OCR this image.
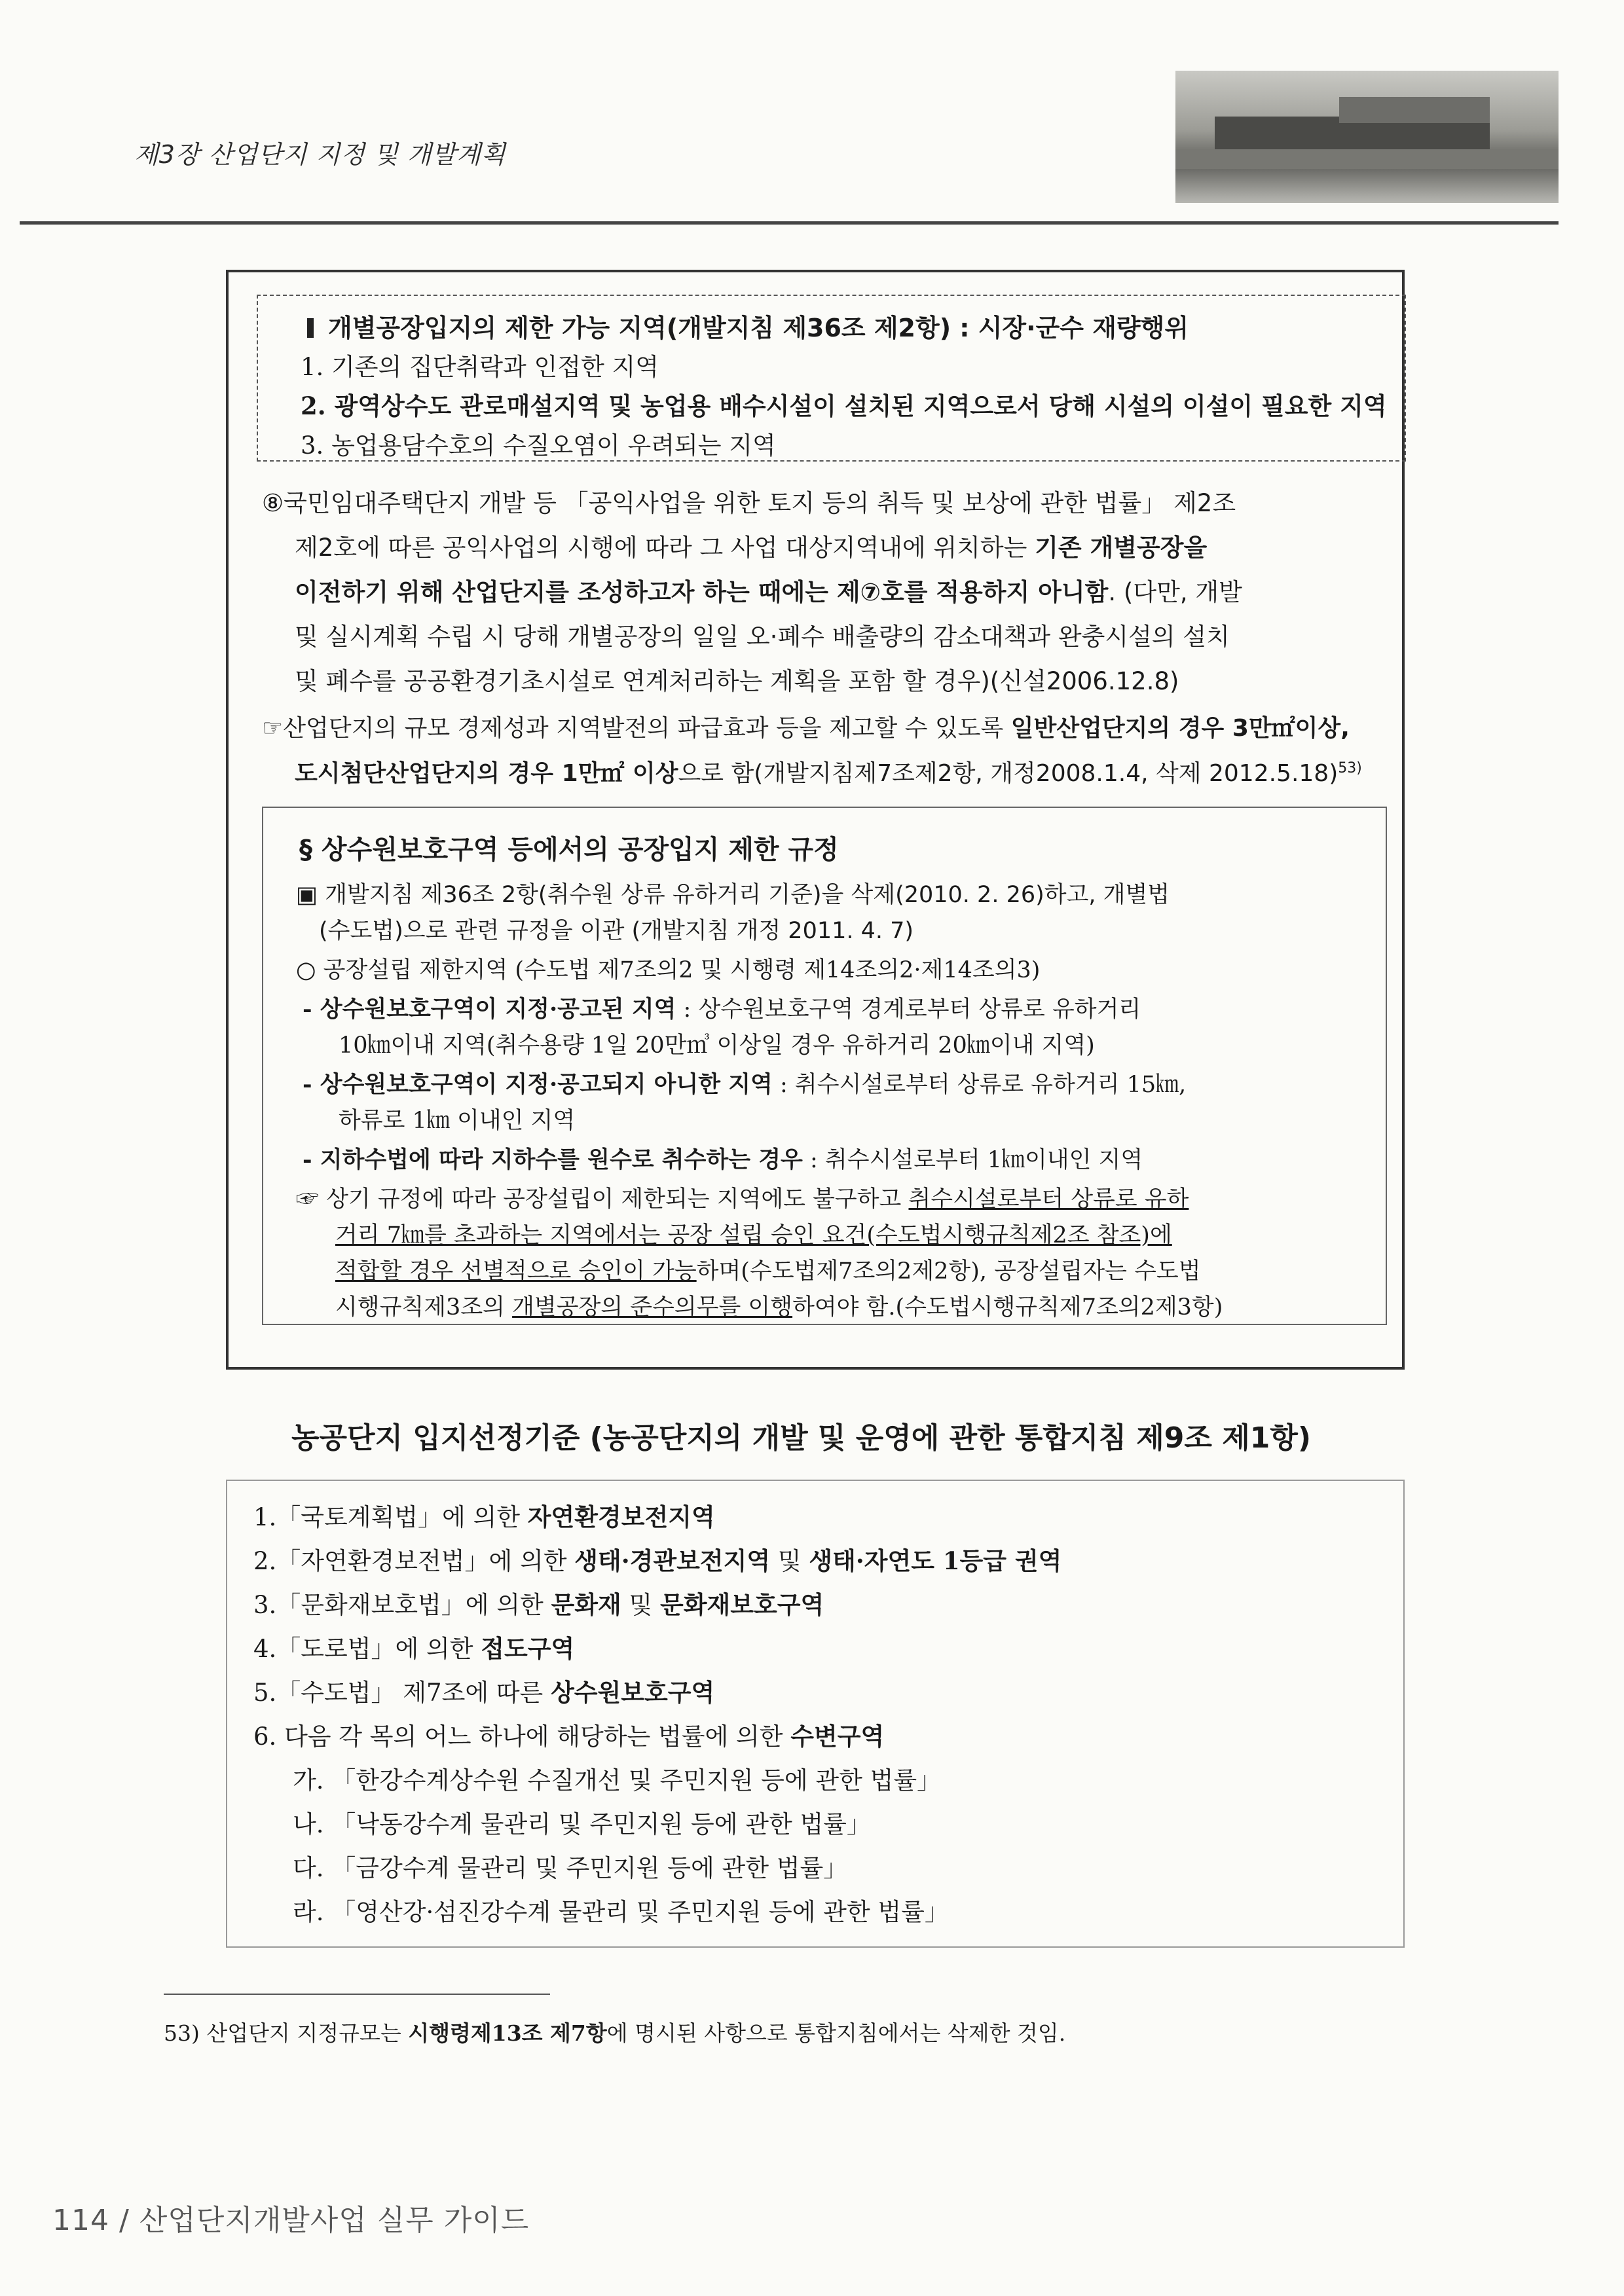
제3장 산업단지 지정 및 개발계획
개별공장입지의 제한 가능 지역(개발지침 제36조 제2항) : 시장·군수 재량행위
1. 기존의 집단취락과 인접한 지역
2. 광역상수도 관로매설지역 및 농업용 배수시설이 설치된 지역으로서 당해 시설의 이설이 필요한 지역
3. 농업용담수호의 수질오염이 우려되는 지역
⑧국민임대주택단지 개발 등 「공익사업을 위한 토지 등의 취득 및 보상에 관한 법률」 제2조
제2호에 따른 공익사업의 시행에 따라 그 사업 대상지역내에 위치하는 기존 개별공장을
이전하기 위해 산업단지를 조성하고자 하는 때에는 제⑦호를 적용하지 아니함. (다만, 개발
및 실시계획 수립 시 당해 개별공장의 일일 오·폐수 배출량의 감소대책과 완충시설의 설치
및 폐수를 공공환경기초시설로 연계처리하는 계획을 포함 할 경우)(신설2006.12.8)
☞산업단지의 규모 경제성과 지역발전의 파급효과 등을 제고할 수 있도록 일반산업단지의 경우 3만㎡이상,
도시첨단산업단지의 경우 1만㎡ 이상으로 함(개발지침제7조제2항, 개정2008.1.4, 삭제 2012.5.18)$^{53)}$
§ 상수원보호구역 등에서의 공장입지 제한 규정
▣ 개발지침 제36조 2항(취수원 상류 유하거리 기준)을 삭제(2010. 2. 26)하고, 개별법
(수도법)으로 관련 규정을 이관 (개발지침 개정 2011. 4. 7)
○ 공장설립 제한지역 (수도법 제7조의2 및 시행령 제14조의2·제14조의3)
- 상수원보호구역이 지정·공고된 지역 : 상수원보호구역 경계로부터 상류로 유하거리
10㎞이내 지역(취수용량 1일 20만㎥ 이상일 경우 유하거리 20㎞이내 지역)
- 상수원보호구역이 지정·공고되지 아니한 지역 : 취수시설로부터 상류로 유하거리 15㎞,
하류로 1㎞ 이내인 지역
- 지하수법에 따라 지하수를 원수로 취수하는 경우 : 취수시설로부터 1㎞이내인 지역
☞ 상기 규정에 따라 공장설립이 제한되는 지역에도 불구하고 취수시설로부터 상류로 유하
거리 7㎞를 초과하는 지역에서는 공장 설립 승인 요건(수도법시행규칙제2조 참조)에
적합할 경우 선별적으로 승인이 가능하며(수도법제7조의2제2항), 공장설립자는 수도법
시행규칙제3조의 개별공장의 준수의무를 이행하여야 함.(수도법시행규칙제7조의2제3항)
농공단지 입지선정기준 (농공단지의 개발 및 운영에 관한 통합지침 제9조 제1항)
1.「국토계획법」에 의한 자연환경보전지역
2.「자연환경보전법」에 의한 생태·경관보전지역 및 생태·자연도 1등급 권역
3.「문화재보호법」에 의한 문화재 및 문화재보호구역
4.「도로법」에 의한 접도구역
5.「수도법」 제7조에 따른 상수원보호구역
6. 다음 각 목의 어느 하나에 해당하는 법률에 의한 수변구역
가. 「한강수계상수원 수질개선 및 주민지원 등에 관한 법률」
나. 「낙동강수계 물관리 및 주민지원 등에 관한 법률」
다. 「금강수계 물관리 및 주민지원 등에 관한 법률」
라. 「영산강·섬진강수계 물관리 및 주민지원 등에 관한 법률」
53) 산업단지 지정규모는 시행령제13조 제7항에 명시된 사항으로 통합지침에서는 삭제한 것임.
114 / 산업단지개발사업 실무 가이드
